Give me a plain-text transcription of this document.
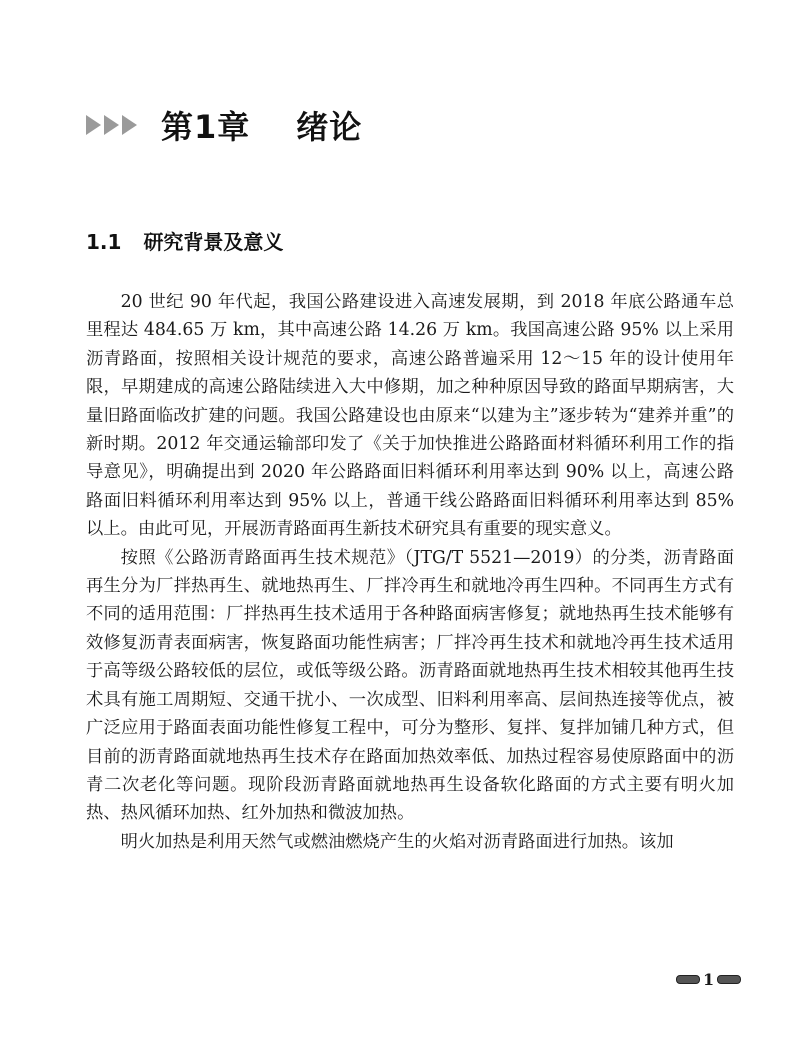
第1章 绪论
1.1 研究背景及意义

20 世纪 90 年代起，我国公路建设进入高速发展期，到 2018 年底公路通车总里程达 484.65 万 km，其中高速公路 14.26 万 km。我国高速公路 95% 以上采用沥青路面，按照相关设计规范的要求，高速公路普遍采用 12～15 年的设计使用年限，早期建成的高速公路陆续进入大中修期，加之种种原因导致的路面早期病害，大量旧路面临改扩建的问题。我国公路建设也由原来“以建为主”逐步转为“建养并重”的新时期。2012 年交通运输部印发了《关于加快推进公路路面材料循环利用工作的指导意见》，明确提出到 2020 年公路路面旧料循环利用率达到 90% 以上，高速公路路面旧料循环利用率达到 95% 以上，普通干线公路路面旧料循环利用率达到 85% 以上。由此可见，开展沥青路面再生新技术研究具有重要的现实意义。

按照《公路沥青路面再生技术规范》（JTG/T 5521—2019）的分类，沥青路面再生分为厂拌热再生、就地热再生、厂拌冷再生和就地冷再生四种。不同再生方式有不同的适用范围：厂拌热再生技术适用于各种路面病害修复；就地热再生技术能够有效修复沥青表面病害，恢复路面功能性病害；厂拌冷再生技术和就地冷再生技术适用于高等级公路较低的层位，或低等级公路。沥青路面就地热再生技术相较其他再生技术具有施工周期短、交通干扰小、一次成型、旧料利用率高、层间热连接等优点，被广泛应用于路面表面功能性修复工程中，可分为整形、复拌、复拌加铺几种方式，但目前的沥青路面就地热再生技术存在路面加热效率低、加热过程容易使原路面中的沥青二次老化等问题。现阶段沥青路面就地热再生设备软化路面的方式主要有明火加热、热风循环加热、红外加热和微波加热。

明火加热是利用天然气或燃油燃烧产生的火焰对沥青路面进行加热。该加

1
